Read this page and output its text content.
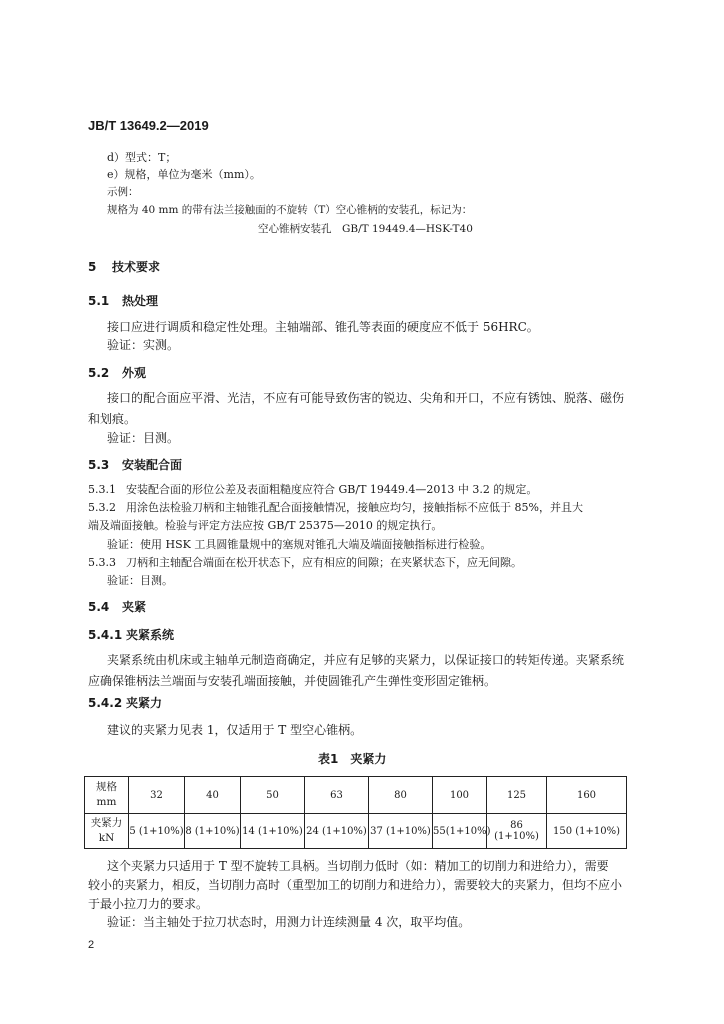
JB/T 13649.2—2019
d）型式：T；
e）规格，单位为毫米（mm）。
示例：
规格为 40 mm 的带有法兰接触面的不旋转（T）空心锥柄的安装孔，标记为：
空心锥柄安装孔　GB/T 19449.4—HSK-T40
5 技术要求
5.1 热处理
接口应进行调质和稳定性处理。主轴端部、锥孔等表面的硬度应不低于 56HRC。
验证：实测。
5.2 外观
接口的配合面应平滑、光洁，不应有可能导致伤害的锐边、尖角和开口，不应有锈蚀、脱落、磁伤和划痕。
验证：目测。
5.3 安装配合面
5.3.1 安装配合面的形位公差及表面粗糙度应符合 GB/T 19449.4—2013 中 3.2 的规定。
5.3.2 用涂色法检验刀柄和主轴锥孔配合面接触情况，接触应均匀，接触指标不应低于 85%，并且大
端及端面接触。检验与评定方法应按 GB/T 25375—2010 的规定执行。
验证：使用 HSK 工具圆锥量规中的塞规对锥孔大端及端面接触指标进行检验。
5.3.3 刀柄和主轴配合端面在松开状态下，应有相应的间隙；在夹紧状态下，应无间隙。
验证：目测。
5.4 夹紧
5.4.1 夹紧系统
夹紧系统由机床或主轴单元制造商确定，并应有足够的夹紧力，以保证接口的转矩传递。夹紧系统应确保锥柄法兰端面与安装孔端面接触，并使圆锥孔产生弹性变形固定锥柄。
5.4.2 夹紧力
建议的夹紧力见表 1，仅适用于 T 型空心锥柄。
表1　夹紧力
规格
mm	32	40	50	63	80	100	125	160

夹紧力
kN	5 (1+10%)	8 (1+10%)	14 (1+10%)	24 (1+10%)	37 (1+10%)	55(1+10%)	86 (1+10%)	150 (1+10%)
这个夹紧力只适用于 T 型不旋转工具柄。当切削力低时（如：精加工的切削力和进给力），需要
较小的夹紧力，相反，当切削力高时（重型加工的切削力和进给力），需要较大的夹紧力，但均不应小
于最小拉刀力的要求。
验证：当主轴处于拉刀状态时，用测力计连续测量 4 次，取平均值。
2
